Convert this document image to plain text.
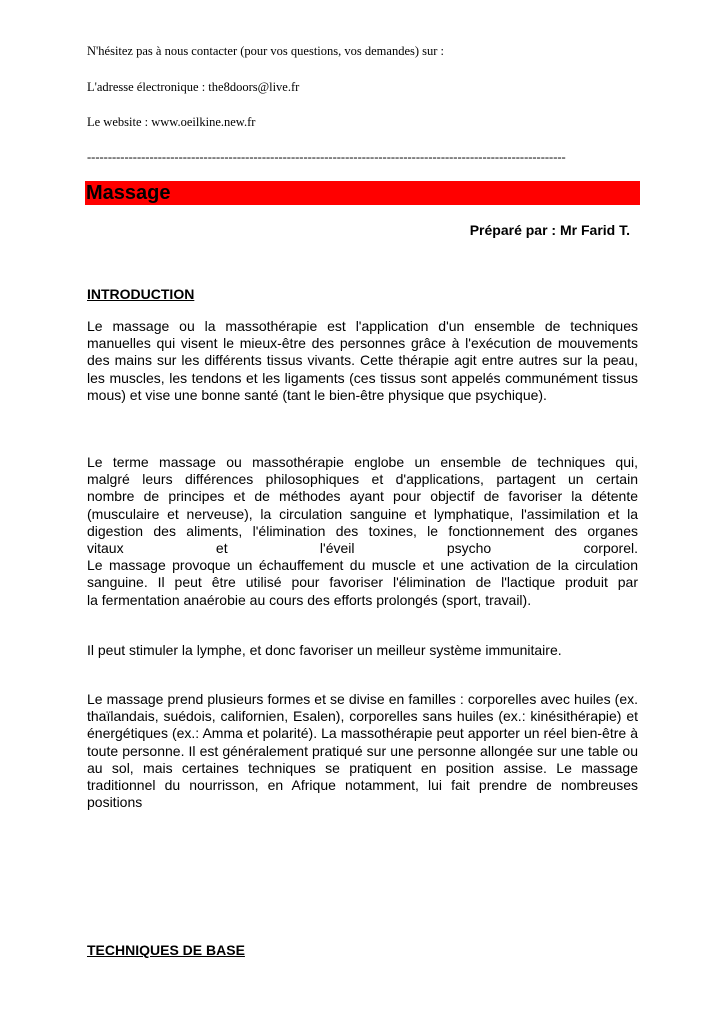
N'hésitez pas à nous contacter (pour vos questions, vos demandes) sur :
L'adresse électronique : the8doors@live.fr
Le website : www.oeilkine.new.fr
-------------------------------------------------------------------------------------------------------------------
Massage
Préparé par : Mr Farid T.
INTRODUCTION

Le massage ou la massothérapie est l'application d'un ensemble de techniques manuelles qui visent le mieux-être des personnes grâce à l'exécution de mouvements des mains sur les différents tissus vivants. Cette thérapie agit entre autres sur la peau, les muscles, les tendons et les ligaments (ces tissus sont appelés communément tissus mous) et vise une bonne santé (tant le bien-être physique que psychique).

Le terme massage ou massothérapie englobe un ensemble de techniques qui,
malgré leurs différences philosophiques et d'applications, partagent un certain
nombre de principes et de méthodes ayant pour objectif de favoriser la détente
(musculaire et nerveuse), la circulation sanguine et lymphatique, l'assimilation et la
digestion des aliments, l'élimination des toxines, le fonctionnement des organes
vitaux et l'éveil psycho corporel.
Le massage provoque un échauffement du muscle et une activation de la circulation
sanguine. Il peut être utilisé pour favoriser l'élimination de l'lactique produit par
la fermentation anaérobie au cours des efforts prolongés (sport, travail).

Il peut stimuler la lymphe, et donc favoriser un meilleur système immunitaire.

Le massage prend plusieurs formes et se divise en familles : corporelles avec huiles (ex. thaïlandais, suédois, californien, Esalen), corporelles sans huiles (ex.: kinésithérapie) et énergétiques (ex.: Amma et polarité). La massothérapie peut apporter un réel bien-être à toute personne. Il est généralement pratiqué sur une personne allongée sur une table ou au sol, mais certaines techniques se pratiquent en position assise. Le massage traditionnel du nourrisson, en Afrique notamment, lui fait prendre de nombreuses positions

TECHNIQUES DE BASE
